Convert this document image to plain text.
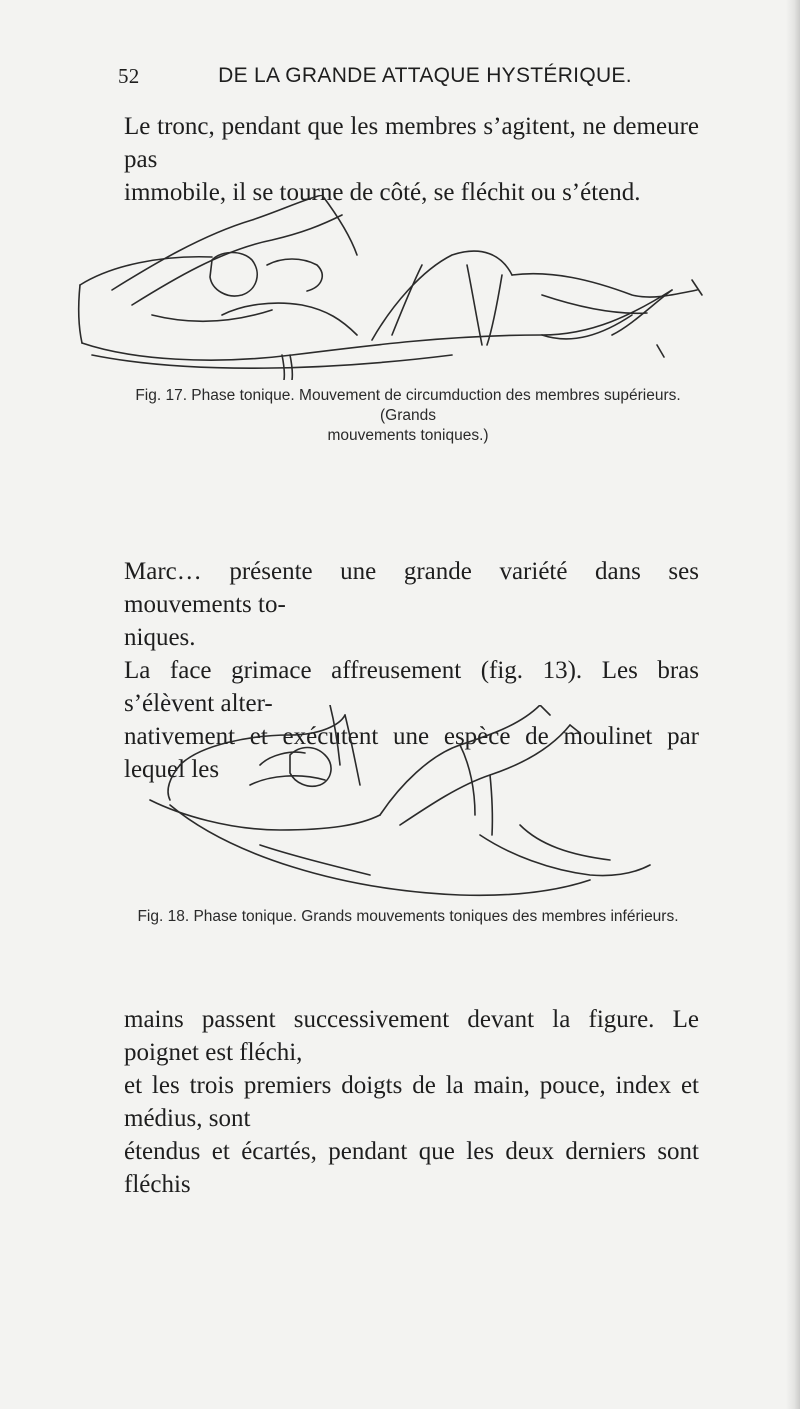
52	DE LA GRANDE ATTAQUE HYSTÉRIQUE.

Le tronc, pendant que les membres s’agitent, ne demeure pas
immobile, il se tourne de côté, se fléchit ou s’étend.

Fig. 17. Phase tonique. Mouvement de circumduction des membres supérieurs. (Grands
mouvements toniques.)

Marc… présente une grande variété dans ses mouvements to-
niques.
La face grimace affreusement (fig. 13). Les bras s’élèvent alter-
nativement et exécutent une espèce de moulinet par lequel les

Fig. 18. Phase tonique. Grands mouvements toniques des membres inférieurs.

mains passent successivement devant la figure. Le poignet est fléchi,
et les trois premiers doigts de la main, pouce, index et médius, sont
étendus et écartés, pendant que les deux derniers sont fléchis
